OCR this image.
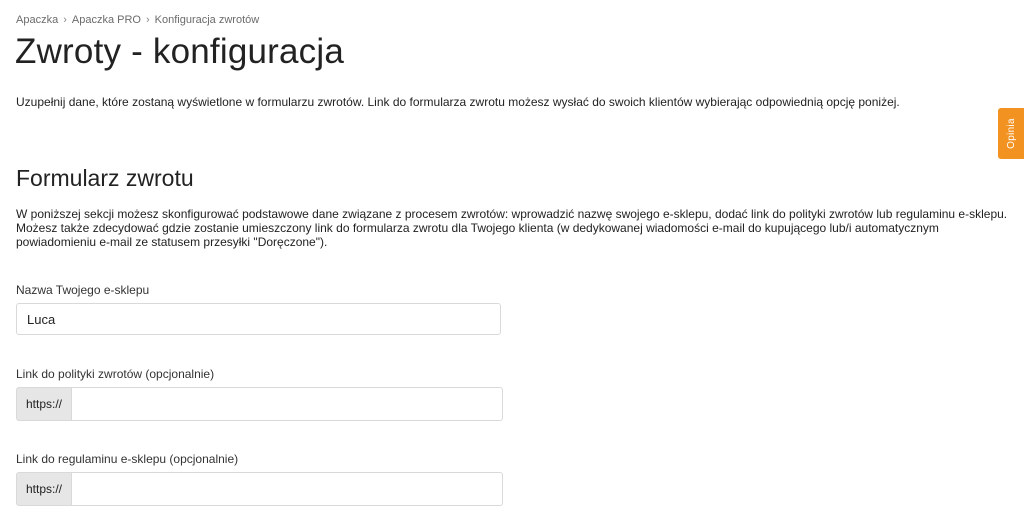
Apaczka › Apaczka PRO › Konfiguracja zwrotów
Zwroty - konfiguracja

Uzupełnij dane, które zostaną wyświetlone w formularzu zwrotów. Link do formularza zwrotu możesz wysłać do swoich klientów wybierając odpowiednią opcję poniżej.

Formularz zwrotu

W poniższej sekcji możesz skonfigurować podstawowe dane związane z procesem zwrotów: wprowadzić nazwę swojego e-sklepu, dodać link do polityki zwrotów lub regulaminu e-sklepu. Możesz także zdecydować gdzie zostanie umieszczony link do formularza zwrotu dla Twojego klienta (w dedykowanej wiadomości e-mail do kupującego lub/i automatycznym powiadomieniu e-mail ze statusem przesyłki "Doręczone").

Nazwa Twojego e-sklepu
Luca
Link do polityki zwrotów (opcjonalnie)
https://
Link do regulaminu e-sklepu (opcjonalnie)
https://
Opinia
